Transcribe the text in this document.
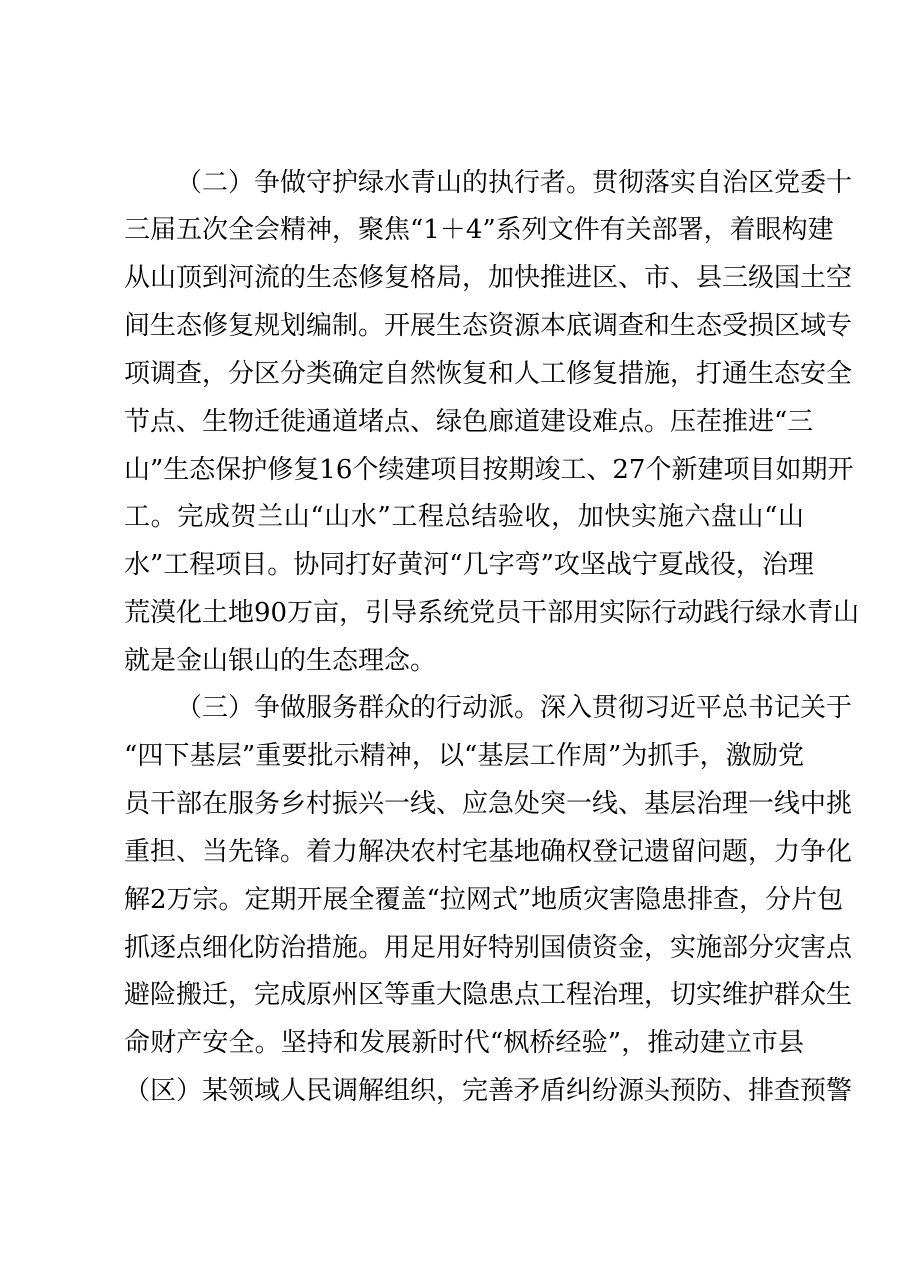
（二）争做守护绿水青山的执行者。贯彻落实自治区党委十
三届五次全会精神，聚焦“1＋4”系列文件有关部署，着眼构建
从山顶到河流的生态修复格局，加快推进区、市、县三级国土空
间生态修复规划编制。开展生态资源本底调查和生态受损区域专
项调查，分区分类确定自然恢复和人工修复措施，打通生态安全
节点、生物迁徙通道堵点、绿色廊道建设难点。压茬推进“三
山”生态保护修复16个续建项目按期竣工、27个新建项目如期开
工。完成贺兰山“山水”工程总结验收，加快实施六盘山“山
水”工程项目。协同打好黄河“几字弯”攻坚战宁夏战役，治理
荒漠化土地90万亩，引导系统党员干部用实际行动践行绿水青山
就是金山银山的生态理念。
（三）争做服务群众的行动派。深入贯彻习近平总书记关于
“四下基层”重要批示精神，以“基层工作周”为抓手，激励党
员干部在服务乡村振兴一线、应急处突一线、基层治理一线中挑
重担、当先锋。着力解决农村宅基地确权登记遗留问题，力争化
解2万宗。定期开展全覆盖“拉网式”地质灾害隐患排查，分片包
抓逐点细化防治措施。用足用好特别国债资金，实施部分灾害点
避险搬迁，完成原州区等重大隐患点工程治理，切实维护群众生
命财产安全。坚持和发展新时代“枫桥经验”，推动建立市县
（区）某领域人民调解组织，完善矛盾纠纷源头预防、排查预警
